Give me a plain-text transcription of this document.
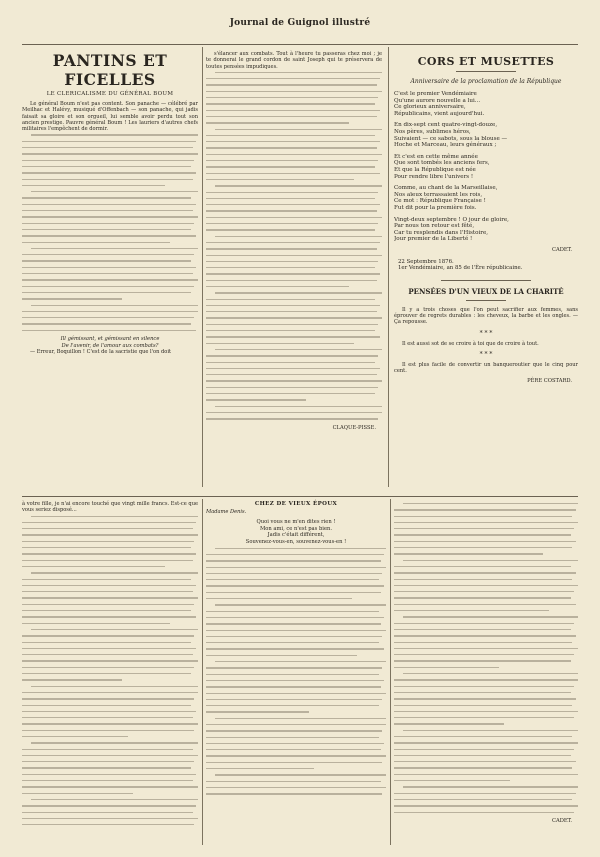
Journal de Guignol illustré
PANTINS ET FICELLES
LE CLERICALISME DU GÉNÉRAL BOUM

Le général Boum n'est pas content. Son panache — célébré par Meilhac et Halévy, musiqué d'Offenbach — son panache, qui jadis faisait sa gloire et son orgueil, lui semble avoir perdu tout son ancien prestige. Pauvre général Boum ! Les lauriers d'autres chefs militaires l'empêchent de dormir.

Ill gémissant, et gémissant en silence
De l'avenir, de l'amour aux combats?

— Erreur, Boquillon ! C'est de la sacristie que l'on doit

s'élancer aux combats. Tout à l'heure tu passeras chez moi ; je te donnerai le grand cordon de saint Joseph qui te préservera de toutes pensées impudiques.

CLAQUE-PISSE.
CORS ET MUSETTES
Anniversaire de la proclamation de la République
C'est le premier Vendémiaire
Qu'une aurore nouvelle a lui...
Ce glorieux anniversaire,
Républicains, vient aujourd'hui.
En dix-sept cent quatre-vingt-douze,
Nos pères, sublimes héros,
Suivaient — ce sabots, sous la blouse —
Hoche et Marceau, leurs généraux ;
Et c'est en cette même année
Que sont tombés les anciens fers,
Et que la République est née
Pour rendre libre l'univers !
Comme, au chant de la Marseillaise,
Nos aïeux terrassaient les rois,
Ce mot : République Française !
Fut dit pour la première fois.
Vingt-deux septembre ! O jour de gloire,
Par nous ton retour est fêté,
Car tu resplendis dans l'Histoire,
Jour premier de la Liberté !
CADET.
22 Septembre 1876.
1er Vendémiaire, an 85 de l'Ère républicaine.
PENSÉES D'UN VIEUX DE LA CHARITÉ

Il y a trois choses que l'on peut sacrifier aux femmes, sans éprouver de regrets durables : les cheveux, la barbe et les ongles. — Ça repousse.

* * *

Il est aussi sot de se croire à toi que de croire à tout.

* * *

Il est plus facile de convertir un banqueroutier que le cinq pour cent.

PÈRE COSTARD.

à votre fille, je n'ai encore touché que vingt mille francs. Est-ce que vous seriez disposé...

CHEZ DE VIEUX ÉPOUX
Madame Denis.
Quoi vous ne m'en dites rien !
Mon ami, ce n'est pas bien.
Jadis c'était différent,
Souvenez-vous-en, souvenez-vous-en !
CADET.
